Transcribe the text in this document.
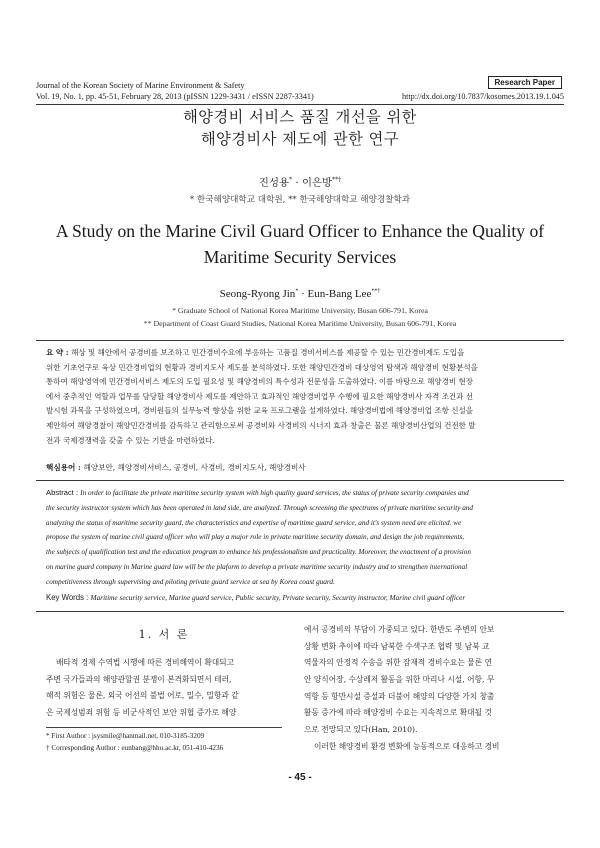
Journal of the Korean Society of Marine Environment & Safety	Research Paper
Vol. 19, No. 1, pp. 45-51, February 28, 2013 (pISSN 1229-3431 / eISSN 2287-3341)	http://dx.doi.org/10.7837/kosomes.2013.19.1.045
해양경비 서비스 품질 개선을 위한
해양경비사 제도에 관한 연구
진성용* · 이은방**†
* 한국해양대학교 대학원, ** 한국해양대학교 해양경찰학과
A Study on the Marine Civil Guard Officer to Enhance the Quality of
Maritime Security Services
Seong-Ryong Jin* · Eun-Bang Lee**†
* Graduate School of National Korea Maritime University, Busan 606-791, Korea
** Department of Coast Guard Studies, National Korea Maritime University, Busan 606-791, Korea
요 약 : 해상 및 해안에서 공경비를 보조하고 민간경비수요에 부응하는 고품질 경비서비스를 제공할 수 있는 민간경비제도 도입을
위한 기초연구로 육상 민간경비업의 현황과 경비지도사 제도를 분석하였다. 또한 해양민간경비 대상영역 탐색과 해양경비 현황분석을
통하여 해양영역에 민간경비서비스 제도의 도입 필요성 및 해양경비의 특수성과 전문성을 도출하였다. 이를 바탕으로 해양경비 현장
에서 중추적인 역할과 업무를 담당할 해양경비사 제도를 제안하고 효과적인 해양경비업무 수행에 필요한 해양경비사 자격 조건과 선
발시험 과목을 구성하였으며, 경비원들의 실무능력 향상을 위한 교육 프로그램을 설계하였다. 해양경비법에 해양경비업 조항 신설을
제안하여 해양경찰이 해양민간경비를 감독하고 관리함으로써 공경비와 사경비의 시너지 효과 창출은 물론 해양경비산업의 건전한 발
전과 국제경쟁력을 갖출 수 있는 기반을 마련하였다.
핵심용어 : 해양보안, 해양경비서비스, 공경비, 사경비, 경비지도사, 해양경비사
Abstract : In order to facilitate the private maritime security system with high quality guard services, the status of private security companies and
the security instructor system which has been operated in land side, are analyzed. Through screening the spectrums of private maritime security and
analyzing the status of maritime security guard, the characteristics and expertise of maritime guard service, and it's system need are elicited. we
propose the system of marine civil guard officer who will play a major role in private maritime security domain, and design the job requirements,
the subjects of qualification test and the education program to enhance his professionalism and practicality. Moreover, the enactment of a provision
on marine guard company in Marine guard law will be the plaform to develop a private maritime security industry and to strengthen international
competitiveness through supervising and piloting private guard service at sea by Korea coast guard.
Key Words : Maritime security service, Marine guard service, Public security, Private security, Security instructor, Marine civil guard officer
1. 서 론
배타적 경제 수역법 시행에 따른 경비해역이 확대되고
주변 국가들과의 해양관할권 분쟁이 본격화되면서 테러,
해적 위험은 물론, 외국 어선의 불법 어로, 밀수, 밀항과 같
은 국제성범죄 위험 등 비군사적인 보안 위협 증가로 해양
에서 공경비의 부담이 가중되고 있다. 한반도 주변의 안보
상황 변화 추이에 따라 남북한 수색구조 협력 및 남북 교
역물자의 안정적 수송을 위한 잠재적 경비수요는 물론 연
안 양식어장, 수상레저 활동을 위한 마리나 시설, 어항, 무
역항 등 항만시설 증설과 더불어 해양의 다양한 가치 창출
활동 증가에 따라 해양경비 수요는 지속적으로 확대될 것
으로 전망되고 있다(Han, 2010).
이러한 해양경비 환경 변화에 능동적으로 대응하고 경비
* First Author : jsysmile@hanmail.net, 010-3185-3209
† Corresponding Author : eunbang@hhu.ac.kr, 051-410-4236
- 45 -
